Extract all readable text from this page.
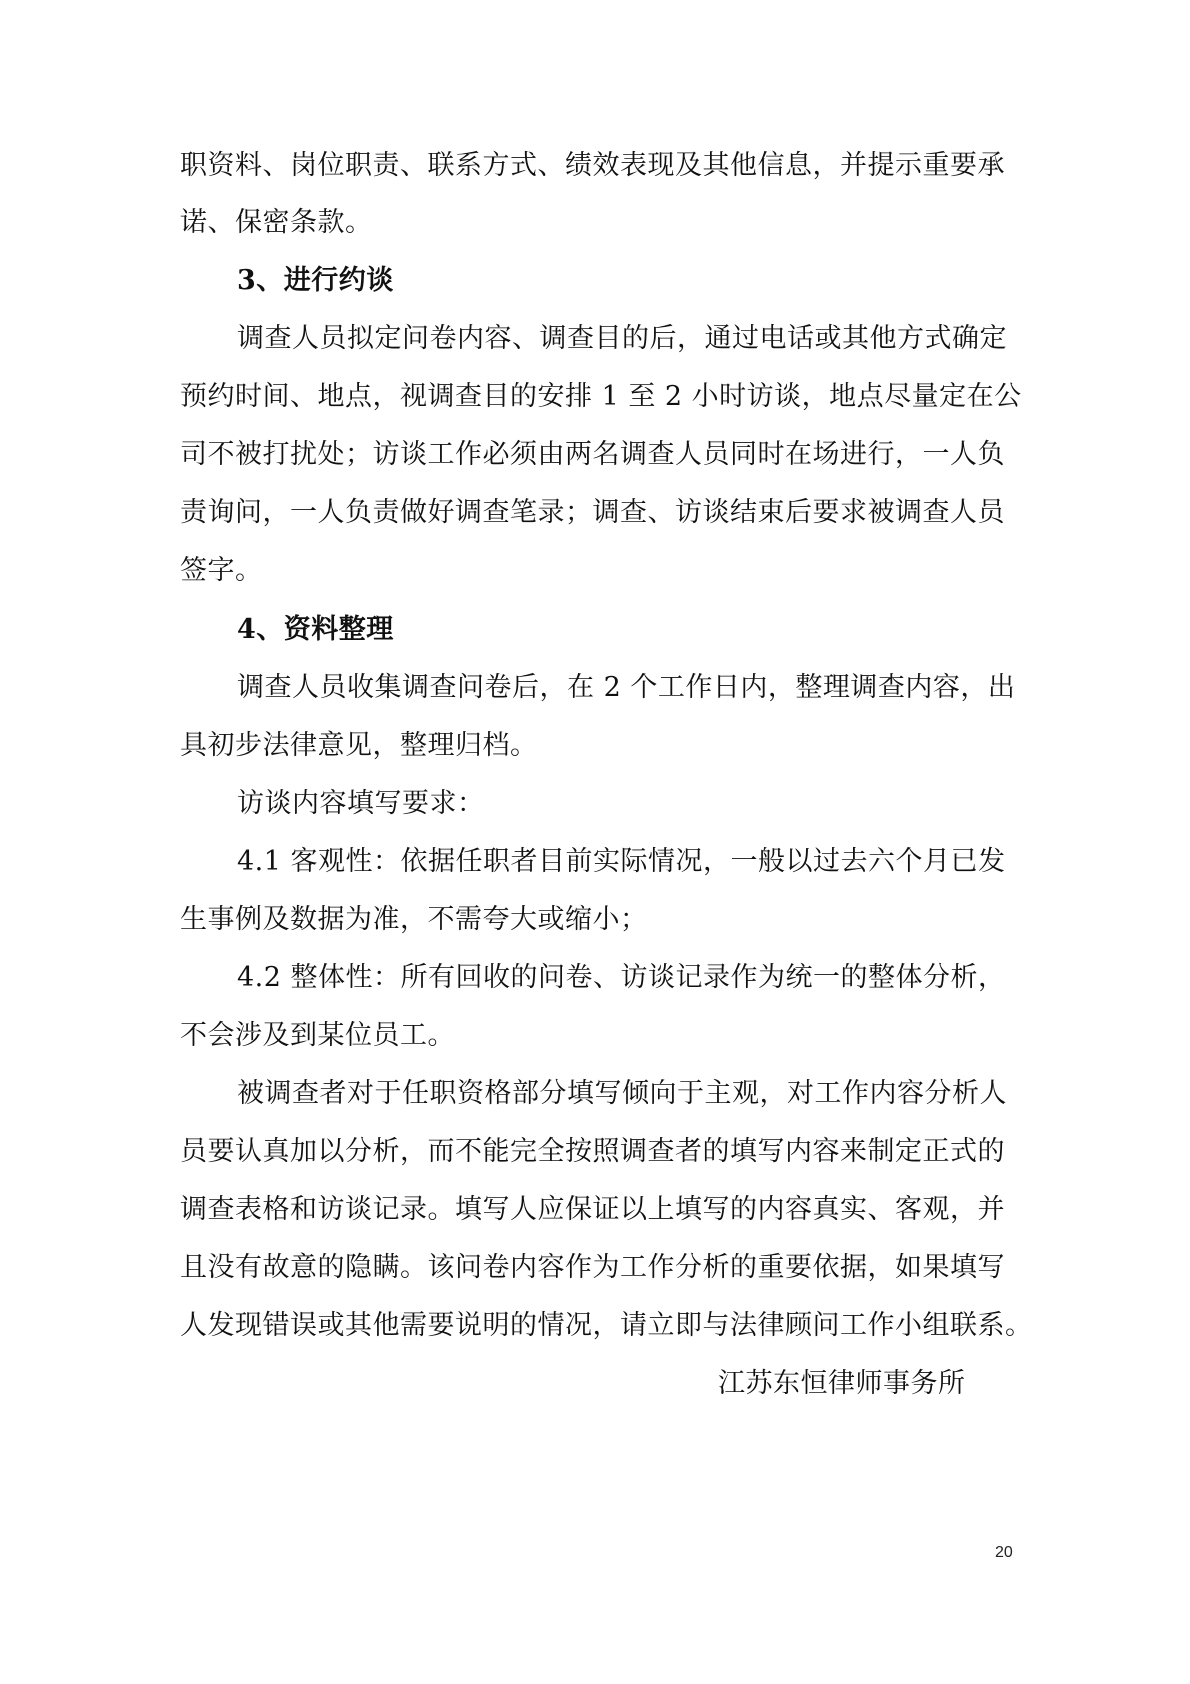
职资料、岗位职责、联系方式、绩效表现及其他信息，并提示重要承
诺、保密条款。
3、进行约谈
调查人员拟定问卷内容、调查目的后，通过电话或其他方式确定
预约时间、地点，视调查目的安排 1 至 2 小时访谈，地点尽量定在公
司不被打扰处；访谈工作必须由两名调查人员同时在场进行，一人负
责询问，一人负责做好调查笔录；调查、访谈结束后要求被调查人员
签字。
4、资料整理
调查人员收集调查问卷后，在 2 个工作日内，整理调查内容，出
具初步法律意见，整理归档。
访谈内容填写要求：
4.1 客观性：依据任职者目前实际情况，一般以过去六个月已发
生事例及数据为准，不需夸大或缩小；
4.2 整体性：所有回收的问卷、访谈记录作为统一的整体分析，
不会涉及到某位员工。
被调查者对于任职资格部分填写倾向于主观，对工作内容分析人
员要认真加以分析，而不能完全按照调查者的填写内容来制定正式的
调查表格和访谈记录。填写人应保证以上填写的内容真实、客观，并
且没有故意的隐瞒。该问卷内容作为工作分析的重要依据，如果填写
人发现错误或其他需要说明的情况，请立即与法律顾问工作小组联系。
江苏东恒律师事务所
20
